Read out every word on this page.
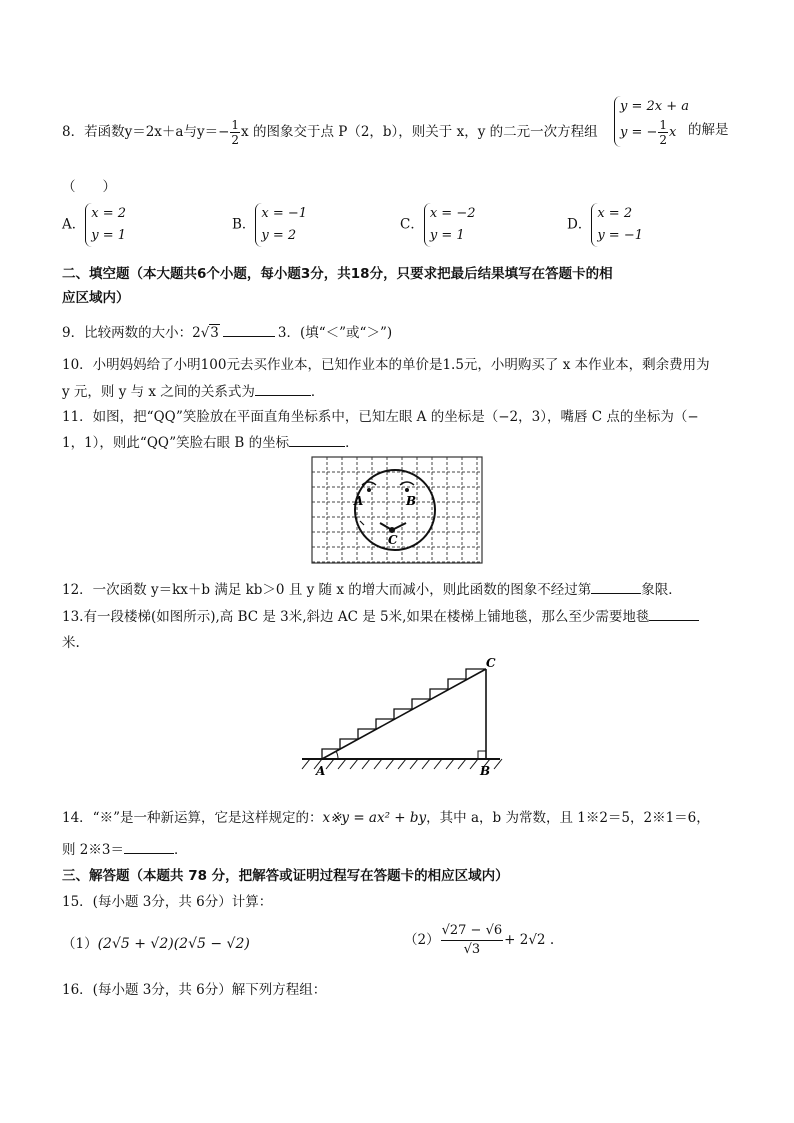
8．若函数y＝2x＋a与$y=- \frac{1}{2}$ x 的图象交于点 P（2，b），则关于 x，y 的二元一次方程组
y = 2x + a
y = − $\frac{1}{2}$ x 的解是
（　　）
A．
x = 2
y = 1
B．
x = −1
y = 2
C．
x = −2
y = 1
D．
x = 2
y = −1
二、填空题（本大题共6个小题，每小题3分，共18分，只要求把最后结果填写在答题卡的相
应区域内）
9．比较两数的大小：2√3	3．(填“＜”或“＞”)
10．小明妈妈给了小明100元去买作业本，已知作业本的单价是1.5元，小明购买了 x 本作业本，剩余费用为
y 元，则 y 与 x 之间的关系式为	．
11．如图，把“QQ”笑脸放在平面直角坐标系中，已知左眼 A 的坐标是（−2，3），嘴唇 C 点的坐标为（−
1，1），则此“QQ”笑脸右眼 B 的坐标	．
A	B
C
12．一次函数 y＝kx＋b 满足 kb＞0 且 y 随 x 的增大而减小，则此函数的图象不经过第	象限．
13.有一段楼梯(如图所示),高 BC 是 3米,斜边 AC 是 5米,如果在楼梯上铺地毯，那么至少需要地毯
米.
A	B
C
14．“※”是一种新运算，它是这样规定的：x※y = ax² + by，其中 a，b 为常数，且 1※2＝5，2※1＝6，
则 2※3＝	．
三、解答题（本题共 78 分，把解答或证明过程写在答题卡的相应区域内）
15．(每小题 3分，共 6分）计算：
（1）(2√5 + √2)(2√5 − √2)	$(2) \frac{√27 - √6}{√3} + 2√2$ .
16．(每小题 3分，共 6分）解下列方程组：
